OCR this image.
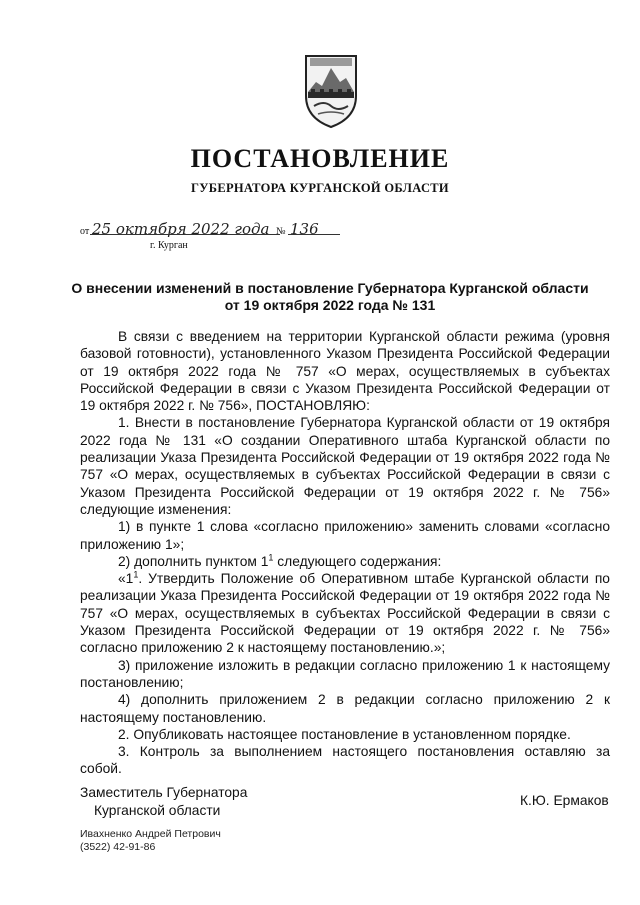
ПОСТАНОВЛЕНИЕ
ГУБЕРНАТОРА КУРГАНСКОЙ ОБЛАСТИ
от 25 октября 2022 года № 136
г. Курган
О внесении изменений в постановление Губернатора Курганской области
от 19 октября 2022 года № 131

В связи с введением на территории Курганской области режима (уровня базовой готовности), установленного Указом Президента Российской Федерации от 19 октября 2022 года № 757 «О мерах, осуществляемых в субъектах Российской Федерации в связи с Указом Президента Российской Федерации от 19 октября 2022 г. № 756», ПОСТАНОВЛЯЮ:

1. Внести в постановление Губернатора Курганской области от 19 октября 2022 года № 131 «О создании Оперативного штаба Курганской области по реализации Указа Президента Российской Федерации от 19 октября 2022 года № 757 «О мерах, осуществляемых в субъектах Российской Федерации в связи с Указом Президента Российской Федерации от 19 октября 2022 г. № 756» следующие изменения:

1) в пункте 1 слова «согласно приложению» заменить словами «согласно приложению 1»;

2) дополнить пунктом $1^1$ следующего содержания:

«$1^1$. Утвердить Положение об Оперативном штабе Курганской области по реализации Указа Президента Российской Федерации от 19 октября 2022 года № 757 «О мерах, осуществляемых в субъектах Российской Федерации в связи с Указом Президента Российской Федерации от 19 октября 2022 г. № 756» согласно приложению 2 к настоящему постановлению.»;

3) приложение изложить в редакции согласно приложению 1 к настоящему постановлению;

4) дополнить приложением 2 в редакции согласно приложению 2 к настоящему постановлению.

2. Опубликовать настоящее постановление в установленном порядке.

3. Контроль за выполнением настоящего постановления оставляю за собой.

Заместитель Губернатора
Курганской области
К.Ю. Ермаков
Ивахненко Андрей Петрович
(3522) 42-91-86
